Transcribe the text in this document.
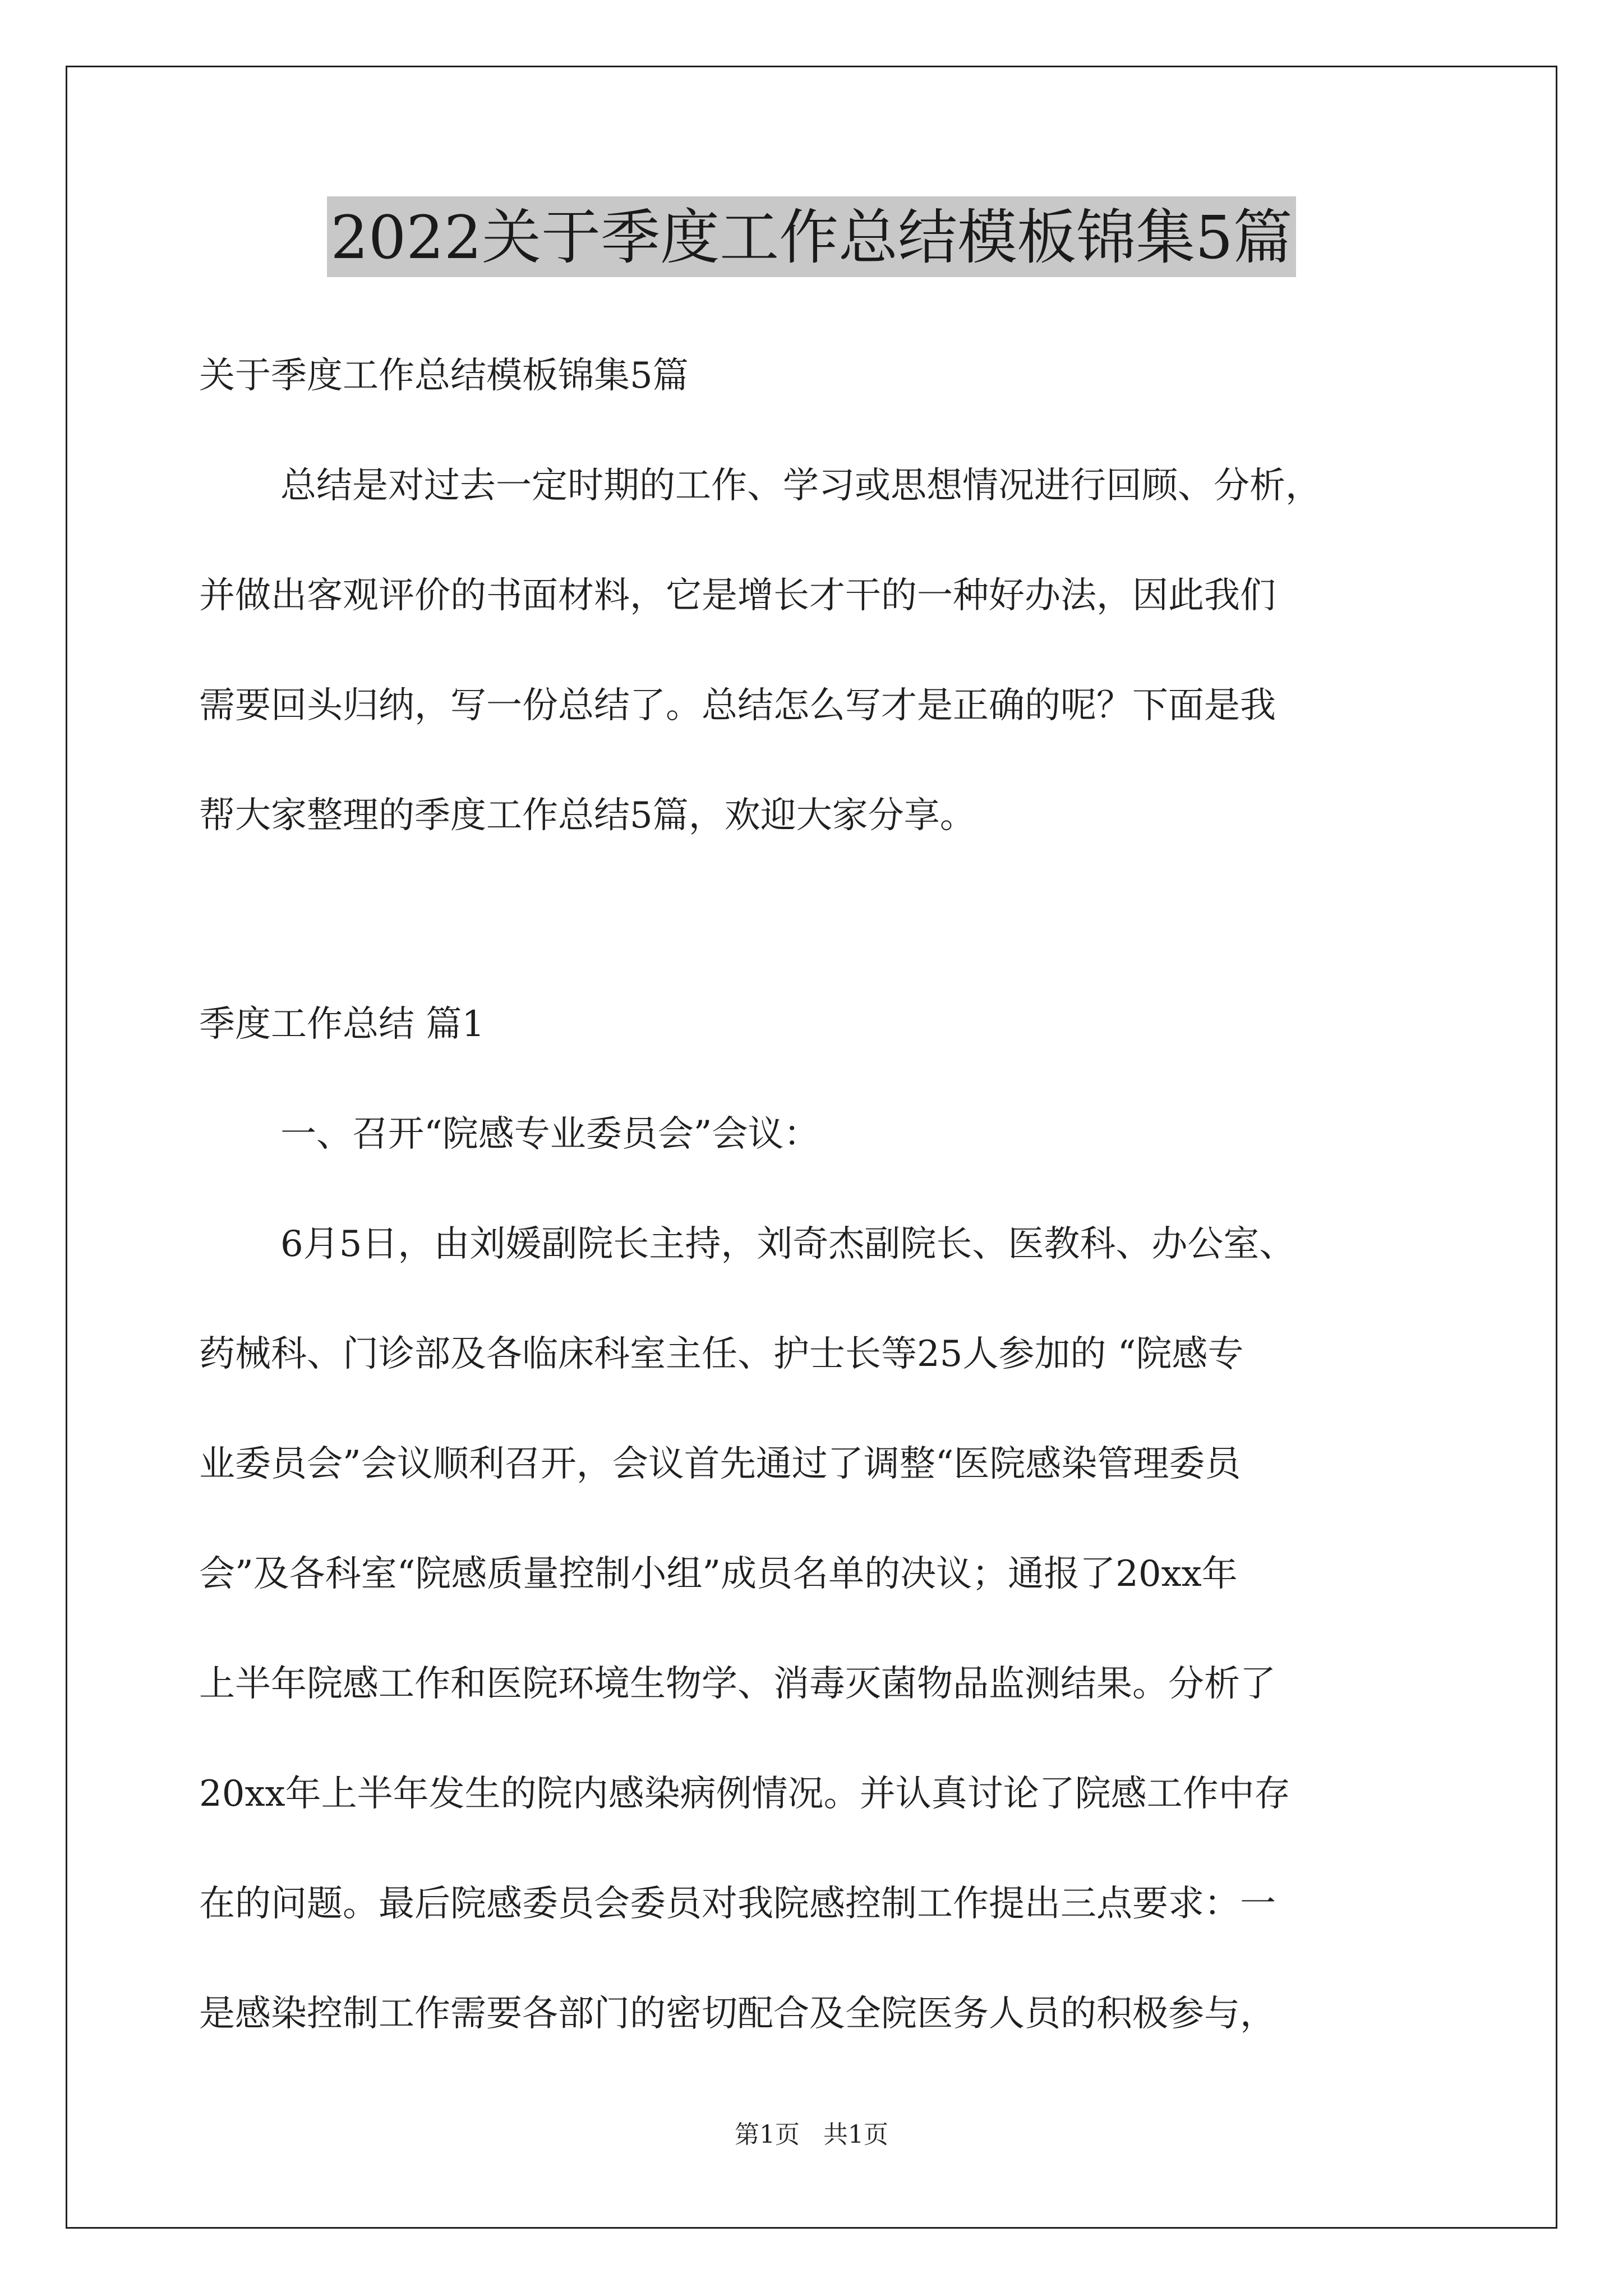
2022关于季度工作总结模板锦集5篇
关于季度工作总结模板锦集5篇
总结是对过去一定时期的工作、学习或思想情况进行回顾、分析，
并做出客观评价的书面材料，它是增长才干的一种好办法，因此我们
需要回头归纳，写一份总结了。总结怎么写才是正确的呢？下面是我
帮大家整理的季度工作总结5篇，欢迎大家分享。
季度工作总结 篇1
一、召开“院感专业委员会”会议：
6月5日，由刘媛副院长主持，刘奇杰副院长、医教科、办公室、
药械科、门诊部及各临床科室主任、护士长等25人参加的 “院感专
业委员会”会议顺利召开，会议首先通过了调整“医院感染管理委员
会”及各科室“院感质量控制小组”成员名单的决议；通报了20xx年
上半年院感工作和医院环境生物学、消毒灭菌物品监测结果。分析了
20xx年上半年发生的院内感染病例情况。并认真讨论了院感工作中存
在的问题。最后院感委员会委员对我院感控制工作提出三点要求：一
是感染控制工作需要各部门的密切配合及全院医务人员的积极参与，
第1页   共1页
